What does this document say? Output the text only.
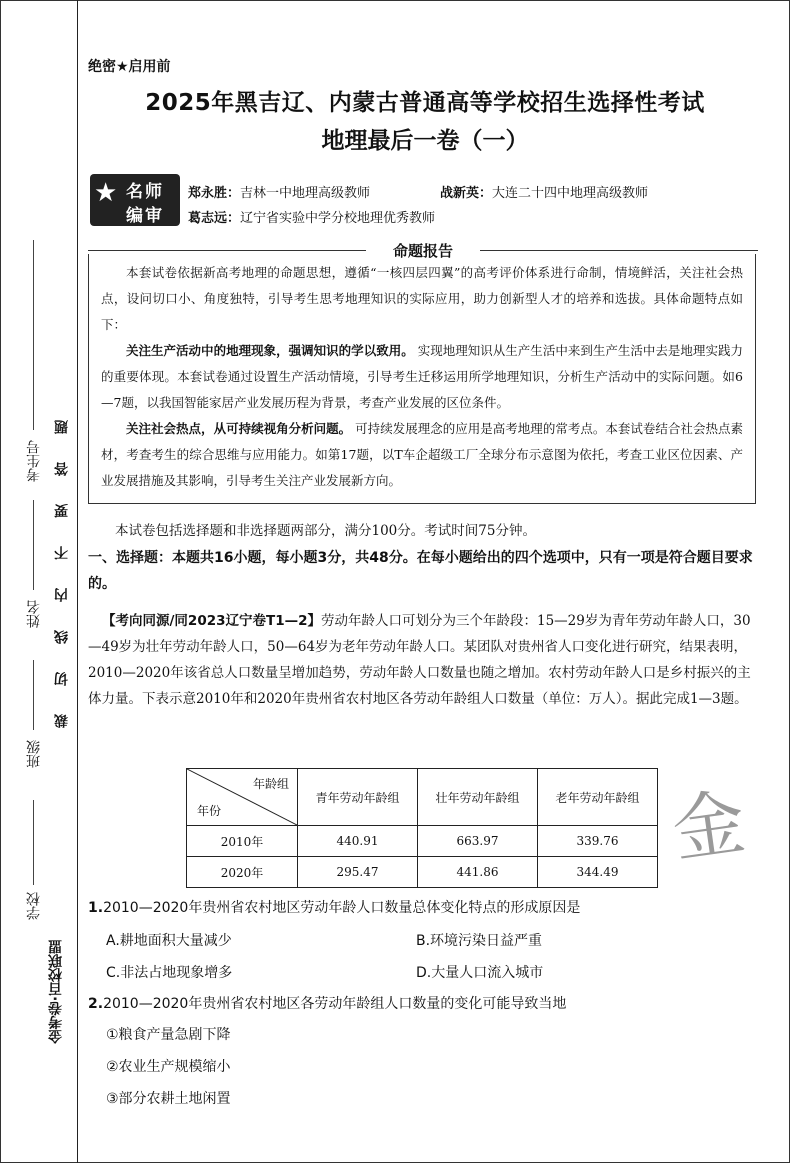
考生号
姓名
班级
学校
金考卷·百校联盟
裁切线内不要答题
绝密★启用前
2025年黑吉辽、内蒙古普通高等学校招生选择性考试
地理最后一卷（一）
★ 名师
编审
郑永胜：吉林一中地理高级教师	战新英：大连二十四中地理高级教师
葛志远：辽宁省实验中学分校地理优秀教师
命题报告

本套试卷依据新高考地理的命题思想，遵循“一核四层四翼”的高考评价体系进行命制，情境鲜活，关注社会热点，设问切口小、角度独特，引导考生思考地理知识的实际应用，助力创新型人才的培养和选拔。具体命题特点如下：

关注生产活动中的地理现象，强调知识的学以致用。 实现地理知识从生产生活中来到生产生活中去是地理实践力的重要体现。本套试卷通过设置生产活动情境，引导考生迁移运用所学地理知识，分析生产活动中的实际问题。如6—7题，以我国智能家居产业发展历程为背景，考查产业发展的区位条件。

关注社会热点，从可持续视角分析问题。 可持续发展理念的应用是高考地理的常考点。本套试卷结合社会热点素材，考查考生的综合思维与应用能力。如第17题，以T车企超级工厂全球分布示意图为依托，考查工业区位因素、产业发展措施及其影响，引导考生关注产业发展新方向。

本试卷包括选择题和非选择题两部分，满分100分。考试时间75分钟。
一、选择题：本题共16小题，每小题3分，共48分。在每小题给出的四个选项中，只有一项是符合题目要求的。
【考向同源/同2023辽宁卷T1—2】劳动年龄人口可划分为三个年龄段：15—29岁为青年劳动年龄人口，30—49岁为壮年劳动年龄人口，50—64岁为老年劳动年龄人口。某团队对贵州省人口变化进行研究，结果表明，2010—2020年该省总人口数量呈增加趋势，劳动年龄人口数量也随之增加。农村劳动年龄人口是乡村振兴的主体力量。下表示意2010年和2020年贵州省农村地区各劳动年龄组人口数量（单位：万人）。据此完成1—3题。
年龄组
年份	青年劳动年龄组	壮年劳动年龄组	老年劳动年龄组

2010年	440.91	663.97	339.76
2020年	295.47	441.86	344.49 金
1.2010—2020年贵州省农村地区劳动年龄人口数量总体变化特点的形成原因是
A.耕地面积大量减少	B.环境污染日益严重
C.非法占地现象增多	D.大量人口流入城市
2.2010—2020年贵州省农村地区各劳动年龄组人口数量的变化可能导致当地
①粮食产量急剧下降
②农业生产规模缩小
③部分农耕土地闲置
